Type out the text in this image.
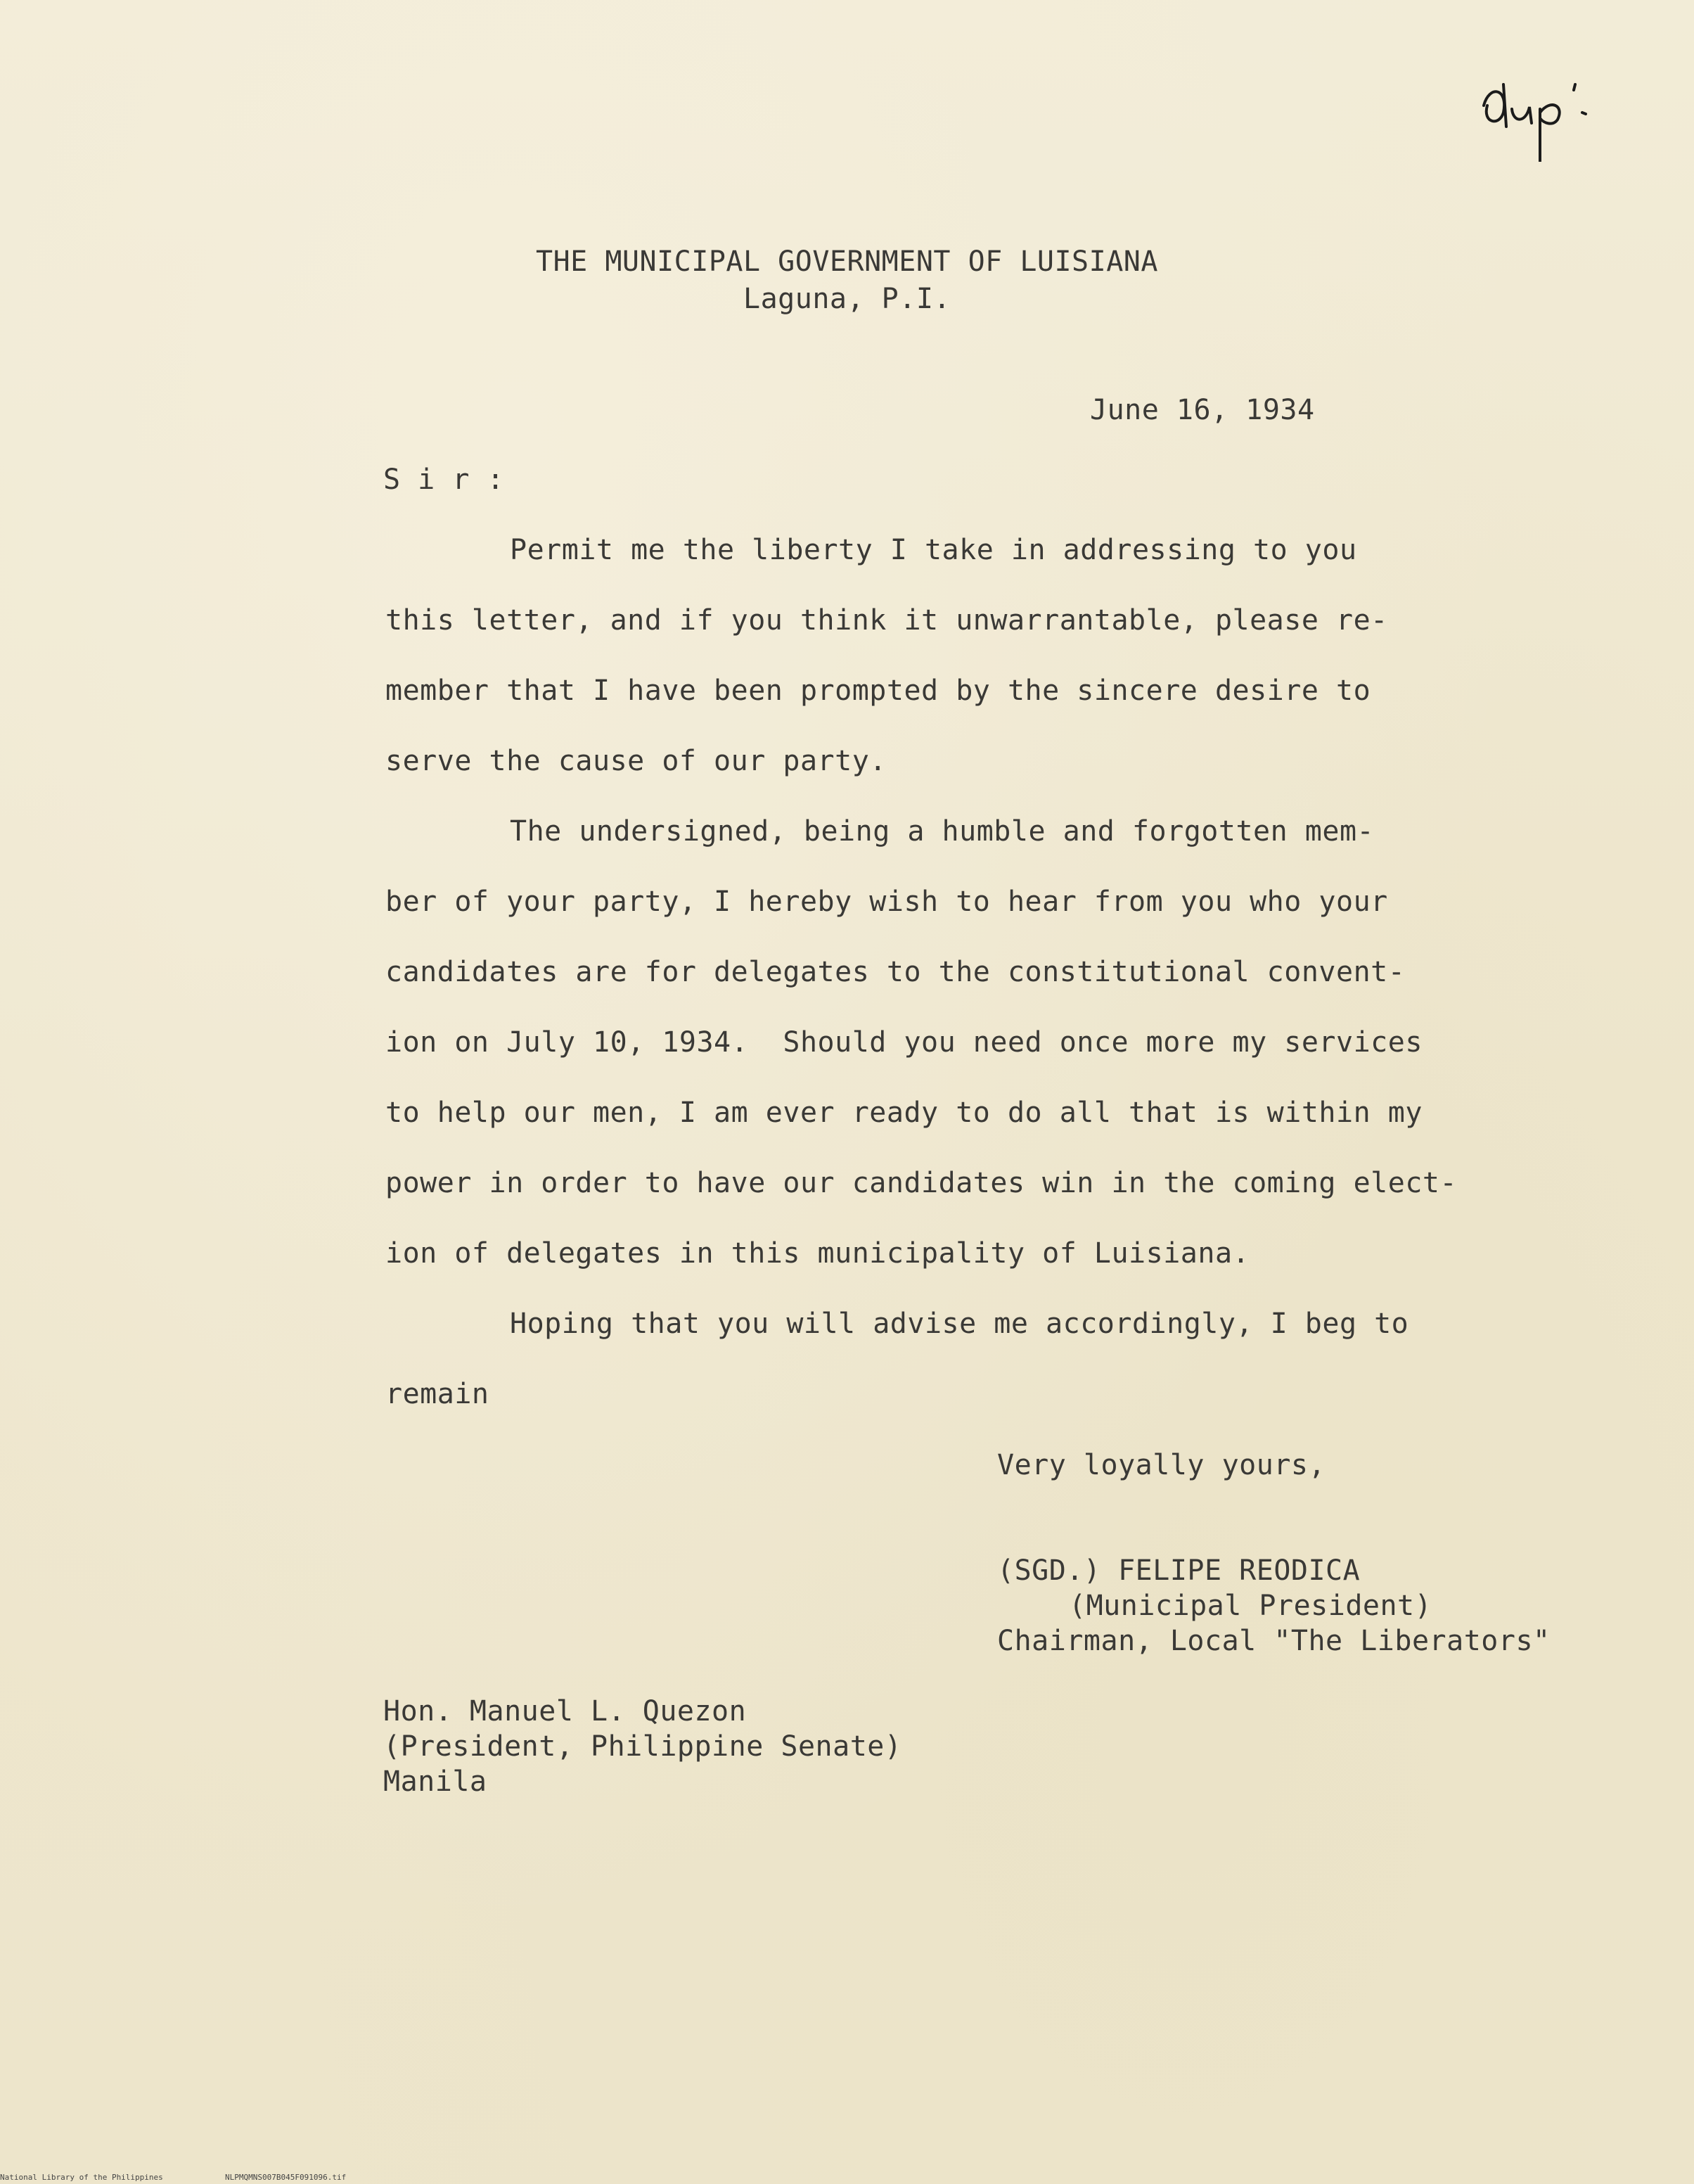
THE MUNICIPAL GOVERNMENT OF LUISIANA
Laguna, P.I.
June 16, 1934
S i r :
Permit me the liberty I take in addressing to you
this letter, and if you think it unwarrantable, please re-
member that I have been prompted by the sincere desire to
serve the cause of our party.
The undersigned, being a humble and forgotten mem-
ber of your party, I hereby wish to hear from you who your
candidates are for delegates to the constitutional convent-
ion on July 10, 1934.  Should you need once more my services
to help our men, I am ever ready to do all that is within my
power in order to have our candidates win in the coming elect-
ion of delegates in this municipality of Luisiana.
Hoping that you will advise me accordingly, I beg to
remain
Very loyally yours,
(SGD.) FELIPE REODICA
(Municipal President)
Chairman, Local "The Liberators"
Hon. Manuel L. Quezon
(President, Philippine Senate)
Manila
National Library of the Philippines	NLPMQMNS007B045F091096.tif
